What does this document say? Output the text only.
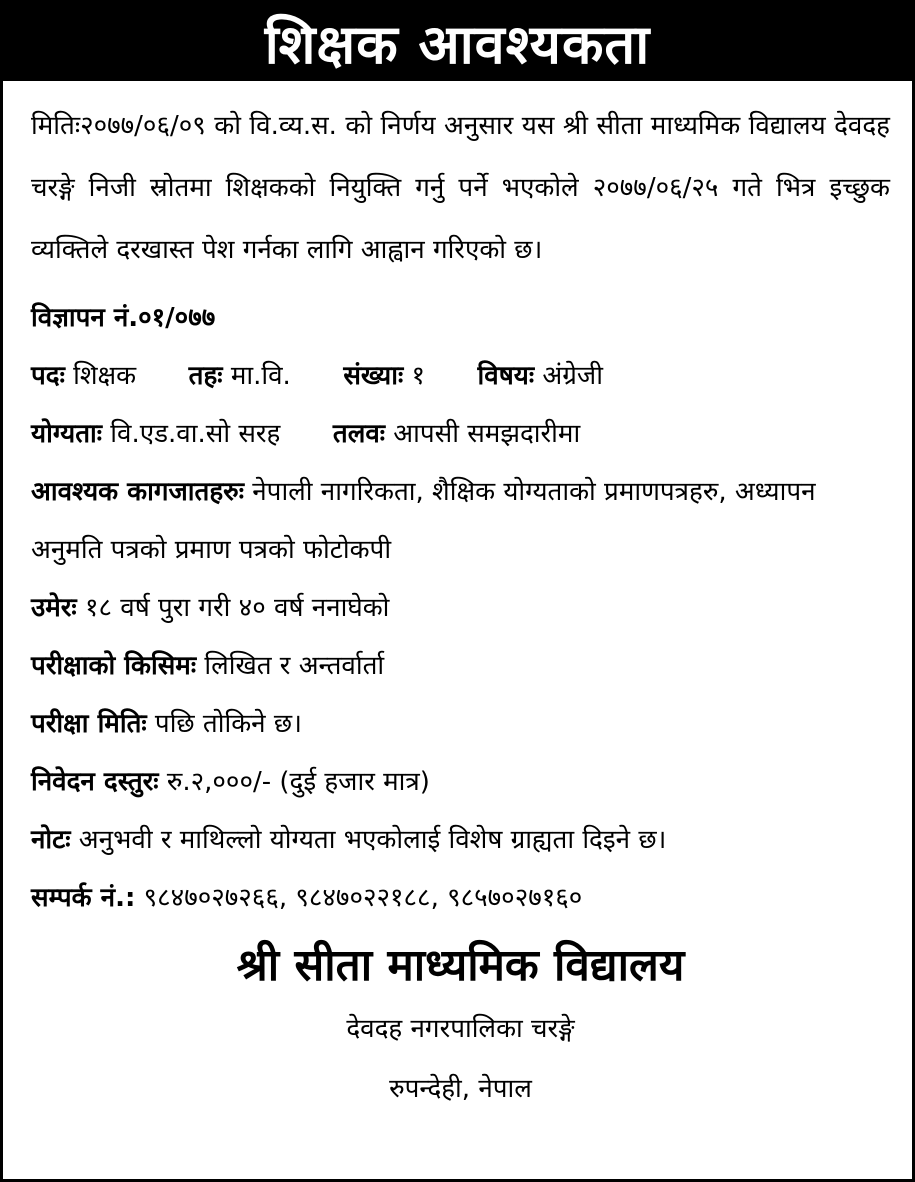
शिक्षक आवश्यकता

मितिः२०७७/०६/०९ को वि.व्य.स. को निर्णय अनुसार यस श्री सीता माध्यमिक विद्यालय देवदह चरङ्गे निजी स्रोतमा शिक्षकको नियुक्ति गर्नु पर्ने भएकोले २०७७/०६/२५ गते भित्र इच्छुक व्यक्तिले दरखास्त पेश गर्नका लागि आह्वान गरिएको छ।

विज्ञापन नं.०१/०७७
पदः शिक्षक तहः मा.वि. संख्याः १ विषयः अंग्रेजी
योग्यताः वि.एड.वा.सो सरह तलवः आपसी समझदारीमा
आवश्यक कागजातहरुः नेपाली नागरिकता, शैक्षिक योग्यताको प्रमाणपत्रहरु, अध्यापन अनुमति पत्रको प्रमाण पत्रको फोटोकपी
उमेरः १८ वर्ष पुरा गरी ४० वर्ष ननाघेको
परीक्षाको किसिमः लिखित र अन्तर्वार्ता
परीक्षा मितिः पछि तोकिने छ।
निवेदन दस्तुरः रु.२,०००/- (दुई हजार मात्र)
नोटः अनुभवी र माथिल्लो योग्यता भएकोलाई विशेष ग्राह्यता दिइने छ।
सम्पर्क नं.: ९८४७०२७२६६, ९८४७०२२१८८, ९८५७०२७१६०
श्री सीता माध्यमिक विद्यालय
देवदह नगरपालिका चरङ्गे
रुपन्देही, नेपाल
